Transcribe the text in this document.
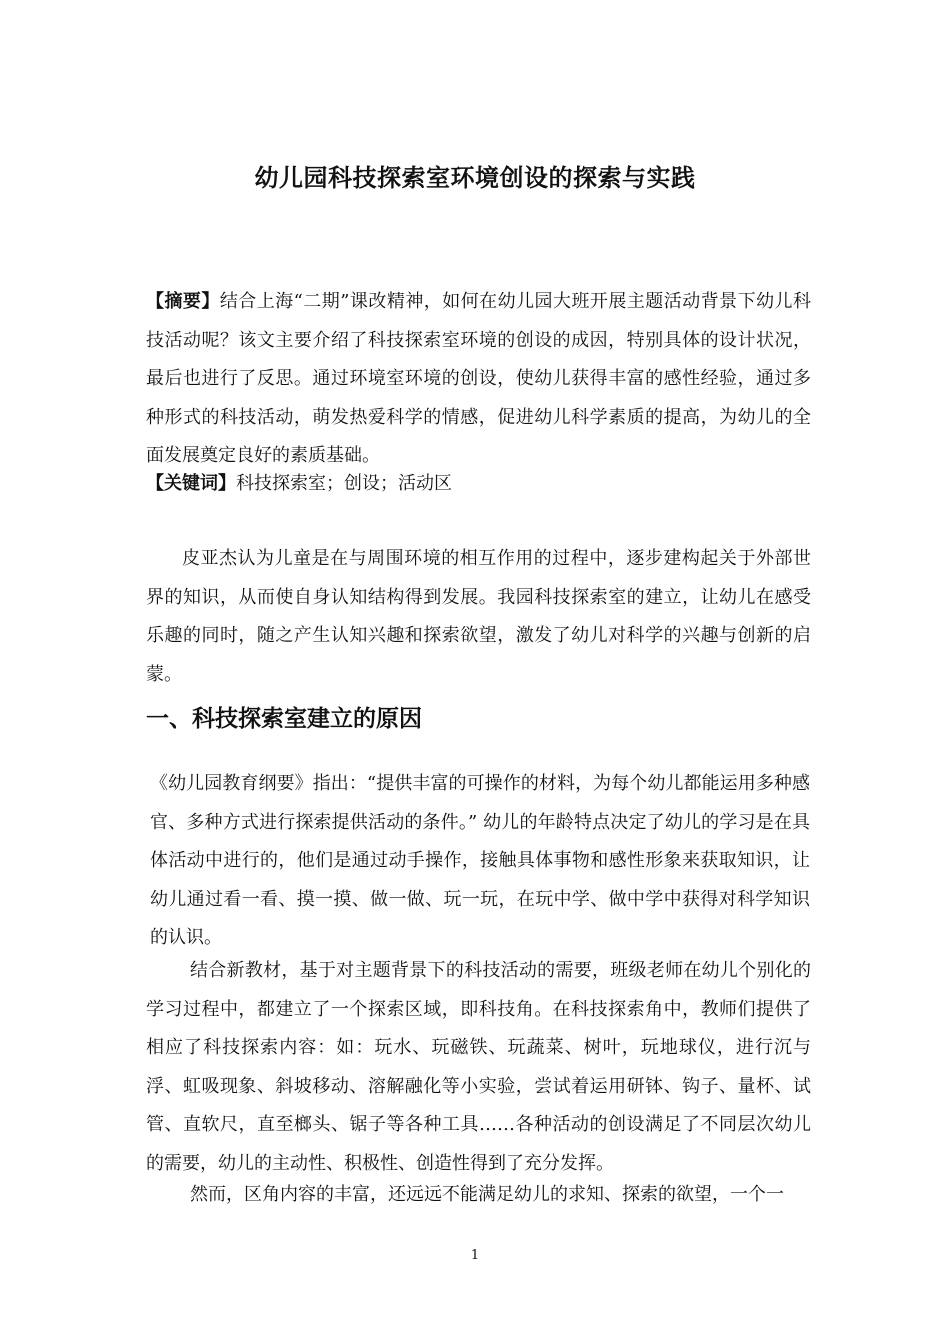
幼儿园科技探索室环境创设的探索与实践
【摘要】结合上海“二期”课改精神，如何在幼儿园大班开展主题活动背景下幼儿科技活动呢？该文主要介绍了科技探索室环境的创设的成因，特别具体的设计状况，最后也进行了反思。通过环境室环境的创设，使幼儿获得丰富的感性经验，通过多种形式的科技活动，萌发热爱科学的情感，促进幼儿科学素质的提高，为幼儿的全面发展奠定良好的素质基础。
【关键词】科技探索室；创设；活动区
皮亚杰认为儿童是在与周围环境的相互作用的过程中，逐步建构起关于外部世界的知识，从而使自身认知结构得到发展。我园科技探索室的建立，让幼儿在感受乐趣的同时，随之产生认知兴趣和探索欲望，激发了幼儿对科学的兴趣与创新的启蒙。
一、科技探索室建立的原因
《幼儿园教育纲要》指出：“提供丰富的可操作的材料，为每个幼儿都能运用多种感官、多种方式进行探索提供活动的条件。” 幼儿的年龄特点决定了幼儿的学习是在具体活动中进行的，他们是通过动手操作，接触具体事物和感性形象来获取知识，让幼儿通过看一看、摸一摸、做一做、玩一玩，在玩中学、做中学中获得对科学知识的认识。
结合新教材，基于对主题背景下的科技活动的需要，班级老师在幼儿个别化的学习过程中，都建立了一个探索区域，即科技角。在科技探索角中，教师们提供了相应了科技探索内容：如：玩水、玩磁铁、玩蔬菜、树叶，玩地球仪，进行沉与浮、虹吸现象、斜坡移动、溶解融化等小实验，尝试着运用研钵、钩子、量杯、试管、直软尺，直至榔头、锯子等各种工具……各种活动的创设满足了不同层次幼儿的需要，幼儿的主动性、积极性、创造性得到了充分发挥。
然而，区角内容的丰富，还远远不能满足幼儿的求知、探索的欲望，一个一
1
